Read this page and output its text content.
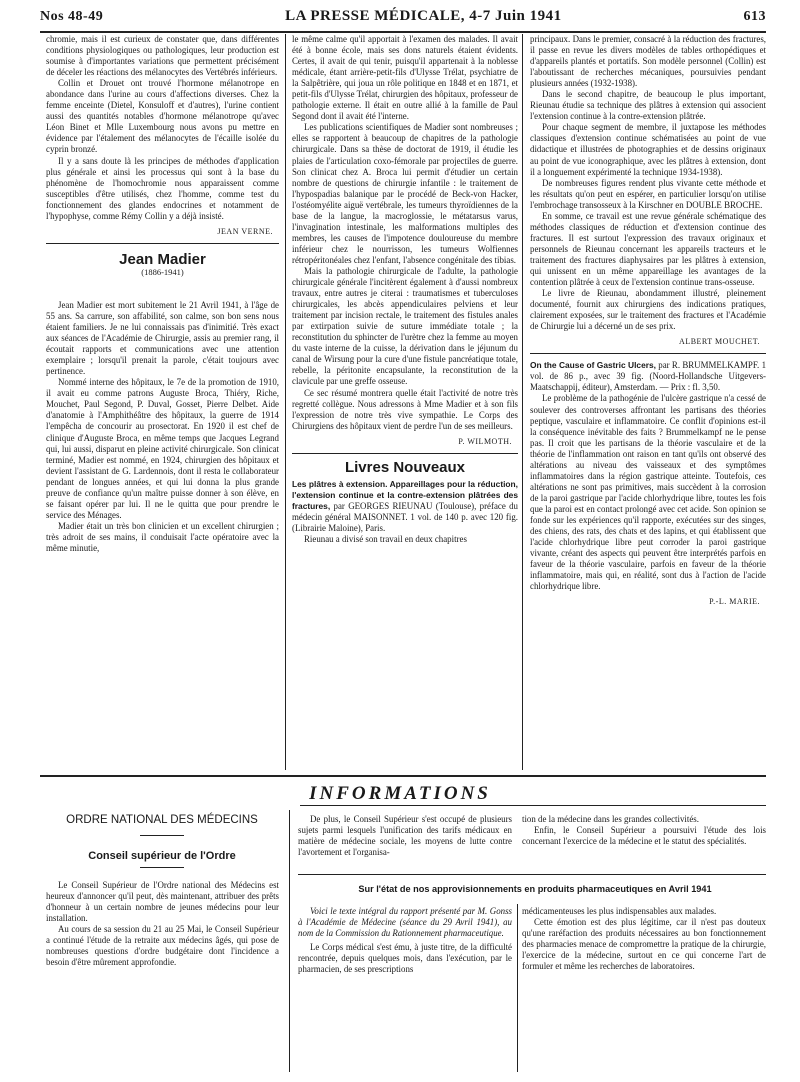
Nos 48-49	LA PRESSE MÉDICALE, 4-7 Juin 1941	613

chromie, mais il est curieux de constater que, dans différentes conditions physiologiques ou pathologiques, leur production est soumise à d'importantes variations que permettent précisément de déceler les réactions des mélanocytes des Vertébrés inférieurs.

Collin et Drouet ont trouvé l'hormone mélanotrope en abondance dans l'urine au cours d'affections diverses. Chez la femme enceinte (Dietel, Konsuloff et d'autres), l'urine contient aussi des quantités notables d'hormone mélanotrope qu'avec Léon Binet et Mlle Luxembourg nous avons pu mettre en évidence par l'étalement des mélanocytes de l'écaille isolée du cyprin bronzé.

Il y a sans doute là les principes de méthodes d'application plus générale et ainsi les processus qui sont à la base du phénomène de l'homochromie nous apparaissent comme susceptibles d'être utilisés, chez l'homme, comme test du fonctionnement des glandes endocrines et notamment de l'hypophyse, comme Rémy Collin y a déjà insisté.

JEAN VERNE.
Jean Madier
(1886-1941)

Jean Madier est mort subitement le 21 Avril 1941, à l'âge de 55 ans. Sa carrure, son affabilité, son calme, son bon sens nous étaient familiers. Je ne lui connaissais pas d'inimitié. Très exact aux séances de l'Académie de Chirurgie, assis au premier rang, il écoutait rapports et communications avec une attention exemplaire ; lorsqu'il prenait la parole, c'était toujours avec pertinence.

Nommé interne des hôpitaux, le 7e de la promotion de 1910, il avait eu comme patrons Auguste Broca, Thiéry, Riche, Mouchet, Paul Segond, P. Duval, Gosset, Pierre Delbet. Aide d'anatomie à l'Amphithéâtre des hôpitaux, la guerre de 1914 l'empêcha de concourir au prosectorat. En 1920 il est chef de clinique d'Auguste Broca, en même temps que Jacques Legrand qui, lui aussi, disparut en pleine activité chirurgicale. Son clinicat terminé, Madier est nommé, en 1924, chirurgien des hôpitaux et devient l'assistant de G. Lardennois, dont il resta le collaborateur pendant de longues années, et qui lui donna la plus grande preuve de confiance qu'un maître puisse donner à son élève, en se faisant opérer par lui. Il ne le quitta que pour prendre le service des Ménages.

Madier était un très bon clinicien et un excellent chirurgien ; très adroit de ses mains, il conduisait l'acte opératoire avec la même minutie,

le même calme qu'il apportait à l'examen des malades. Il avait été à bonne école, mais ses dons naturels étaient évidents. Certes, il avait de qui tenir, puisqu'il appartenait à la noblesse médicale, étant arrière-petit-fils d'Ulysse Trélat, psychiatre de la Salpêtrière, qui joua un rôle politique en 1848 et en 1871, et petit-fils d'Ulysse Trélat, chirurgien des hôpitaux, professeur de pathologie externe. Il était en outre allié à la famille de Paul Segond dont il avait été l'interne.

Les publications scientifiques de Madier sont nombreuses ; elles se rapportent à beaucoup de chapitres de la pathologie chirurgicale. Dans sa thèse de doctorat de 1919, il étudie les plaies de l'articulation coxo-fémorale par projectiles de guerre. Son clinicat chez A. Broca lui permit d'étudier un certain nombre de questions de chirurgie infantile : le traitement de l'hypospadias balanique par le procédé de Beck-von Hacker, l'ostéomyélite aiguë vertébrale, les tumeurs thyroïdiennes de la base de la langue, la macroglossie, le métatarsus varus, l'invagination intestinale, les malformations multiples des membres, les causes de l'impotence douloureuse du membre inférieur chez le nourrisson, les tumeurs Wolfiennes rétropéritonéales chez l'enfant, l'absence congénitale des tibias.

Mais la pathologie chirurgicale de l'adulte, la pathologie chirurgicale générale l'incitèrent également à d'aussi nombreux travaux, entre autres je citerai : traumatismes et tuberculoses chirurgicales, les abcès appendiculaires pelviens et leur traitement par incision rectale, le traitement des fistules anales par extirpation suivie de suture immédiate totale ; la reconstitution du sphincter de l'urètre chez la femme au moyen du vaste interne de la cuisse, la dérivation dans le jéjunum du canal de Wirsung pour la cure d'une fistule pancréatique totale, rebelle, la péritonite encapsulante, la reconstitution de la clavicule par une greffe osseuse.

Ce sec résumé montrera quelle était l'activité de notre très regretté collègue. Nous adressons à Mme Madier et à son fils l'expression de notre très vive sympathie. Le Corps des Chirurgiens des hôpitaux vient de perdre l'un de ses meilleurs.

P. WILMOTH.
Livres Nouveaux

Les plâtres à extension. Appareillages pour la réduction, l'extension continue et la contre-extension plâtrées des fractures, par GEORGES RIEUNAU (Toulouse), préface du médecin général MAISONNET. 1 vol. de 140 p. avec 120 fig. (Librairie Maloine), Paris.

Rieunau a divisé son travail en deux chapitres

principaux. Dans le premier, consacré à la réduction des fractures, il passe en revue les divers modèles de tables orthopédiques et d'appareils plantés et portatifs. Son modèle personnel (Collin) est l'aboutissant de recherches mécaniques, poursuivies pendant plusieurs années (1932-1938).

Dans le second chapitre, de beaucoup le plus important, Rieunau étudie sa technique des plâtres à extension qui associent l'extension continue à la contre-extension plâtrée.

Pour chaque segment de membre, il juxtapose les méthodes classiques d'extension continue schématisées au point de vue didactique et illustrées de photographies et de dessins originaux au point de vue iconographique, avec les plâtres à extension, dont il a longuement expérimenté la technique 1934-1938).

De nombreuses figures rendent plus vivante cette méthode et les résultats qu'on peut en espérer, en particulier lorsqu'on utilise l'embrochage transosseux à la Kirschner en DOUBLE BROCHE.

En somme, ce travail est une revue générale schématique des méthodes classiques de réduction et d'extension continue des fractures. Il est surtout l'expression des travaux originaux et personnels de Rieunau concernant les appareils tracteurs et le traitement des fractures diaphysaires par les plâtres à extension, qui unissent en un même appareillage les avantages de la contention plâtrée à ceux de l'extension continue trans-osseuse.

Le livre de Rieunau, abondamment illustré, pleinement documenté, fournit aux chirurgiens des indications pratiques, clairement exposées, sur le traitement des fractures et l'Académie de Chirurgie lui a décerné un de ses prix.

ALBERT MOUCHET.

On the Cause of Gastric Ulcers, par R. BRUMMELKAMPF. 1 vol. de 86 p., avec 39 fig. (Noord-Hollandsche Uitgevers-Maatschappij, éditeur), Amsterdam. — Prix : fl. 3,50.

Le problème de la pathogénie de l'ulcère gastrique n'a cessé de soulever des controverses affrontant les partisans des théories peptique, vasculaire et inflammatoire. Ce conflit d'opinions est-il la conséquence inévitable des faits ? Brummelkampf ne le pense pas. Il croit que les partisans de la théorie vasculaire et de la théorie de l'inflammation ont raison en tant qu'ils ont observé des altérations au niveau des vaisseaux et des symptômes inflammatoires dans la région gastrique atteinte. Toutefois, ces altérations ne sont pas primitives, mais succèdent à la corrosion de la paroi gastrique par l'acide chlorhydrique libre, toutes les fois que la paroi est en contact prolongé avec cet acide. Son opinion se fonde sur les expériences qu'il rapporte, exécutées sur des singes, des chiens, des rats, des chats et des lapins, et qui établissent que l'acide chlorhydrique libre peut corroder la paroi gastrique vivante, créant des aspects qui peuvent être interprétés parfois en faveur de la théorie vasculaire, parfois en faveur de la théorie inflammatoire, mais qui, en réalité, sont dus à l'action de l'acide chlorhydrique libre.

P.-L. MARIE.
INFORMATIONS
ORDRE NATIONAL DES MÉDECINS
Conseil supérieur de l'Ordre

Le Conseil Supérieur de l'Ordre national des Médecins est heureux d'annoncer qu'il peut, dès maintenant, attribuer des prêts d'honneur à un certain nombre de jeunes médecins pour leur installation.

Au cours de sa session du 21 au 25 Mai, le Conseil Supérieur a continué l'étude de la retraite aux médecins âgés, qui pose de nombreuses questions d'ordre budgétaire dont l'incidence a besoin d'être mûrement approfondie.

De plus, le Conseil Supérieur s'est occupé de plusieurs sujets parmi lesquels l'unification des tarifs médicaux en matière de médecine sociale, les moyens de lutte contre l'avortement et l'organisa-

tion de la médecine dans les grandes collectivités.

Enfin, le Conseil Supérieur a poursuivi l'étude des lois concernant l'exercice de la médecine et le statut des spécialités.

Sur l'état de nos approvisionnements en produits pharmaceutiques en Avril 1941

Voici le texte intégral du rapport présenté par M. Gonss à l'Académie de Médecine (séance du 29 Avril 1941), au nom de la Commission du Rationnement pharmaceutique.

Le Corps médical s'est ému, à juste titre, de la difficulté rencontrée, depuis quelques mois, dans l'exécution, par le pharmacien, de ses prescriptions

médicamenteuses les plus indispensables aux malades.

Cette émotion est des plus légitime, car il n'est pas douteux qu'une raréfaction des produits nécessaires au bon fonctionnement des pharmacies menace de compromettre la pratique de la chirurgie, l'exercice de la médecine, surtout en ce qui concerne l'art de formuler et même les recherches de laboratoires.
